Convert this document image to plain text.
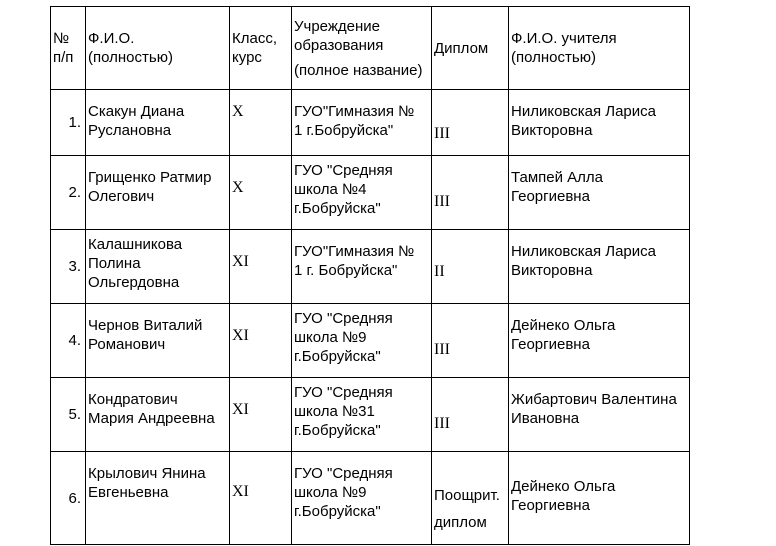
№
п/п	Ф.И.О.
(полностью)	Класс,
курс	Учреждение
образования
(полное название)	Диплом	Ф.И.О. учителя
(полностью)

1.	Скакун Диана
Руслановна	X	ГУО"Гимназия №
1 г.Бобруйска"	III	Ниликовская Лариса
Викторовна

2.	Грищенко Ратмир
Олегович	X	ГУО "Средняя
школа №4
г.Бобруйска"	III	Тампей Алла
Георгиевна

3.	Калашникова
Полина
Ольгердовна	XI	ГУО"Гимназия №
1 г. Бобруйска"	II	Ниликовская Лариса
Викторовна

4.	Чернов Виталий
Романович	XI	ГУО "Средняя
школа №9
г.Бобруйска"	III	Дейнеко Ольга
Георгиевна

5.	Кондратович
Мария Андреевна	XI	ГУО "Средняя
школа №31
г.Бобруйска"	III	Жибартович Валентина
Ивановна

6.	Крылович Янина
Евгеньевна	XI	ГУО "Средняя
школа №9
г.Бобруйска"	Поощрит.
диплом	Дейнеко Ольга
Георгиевна
